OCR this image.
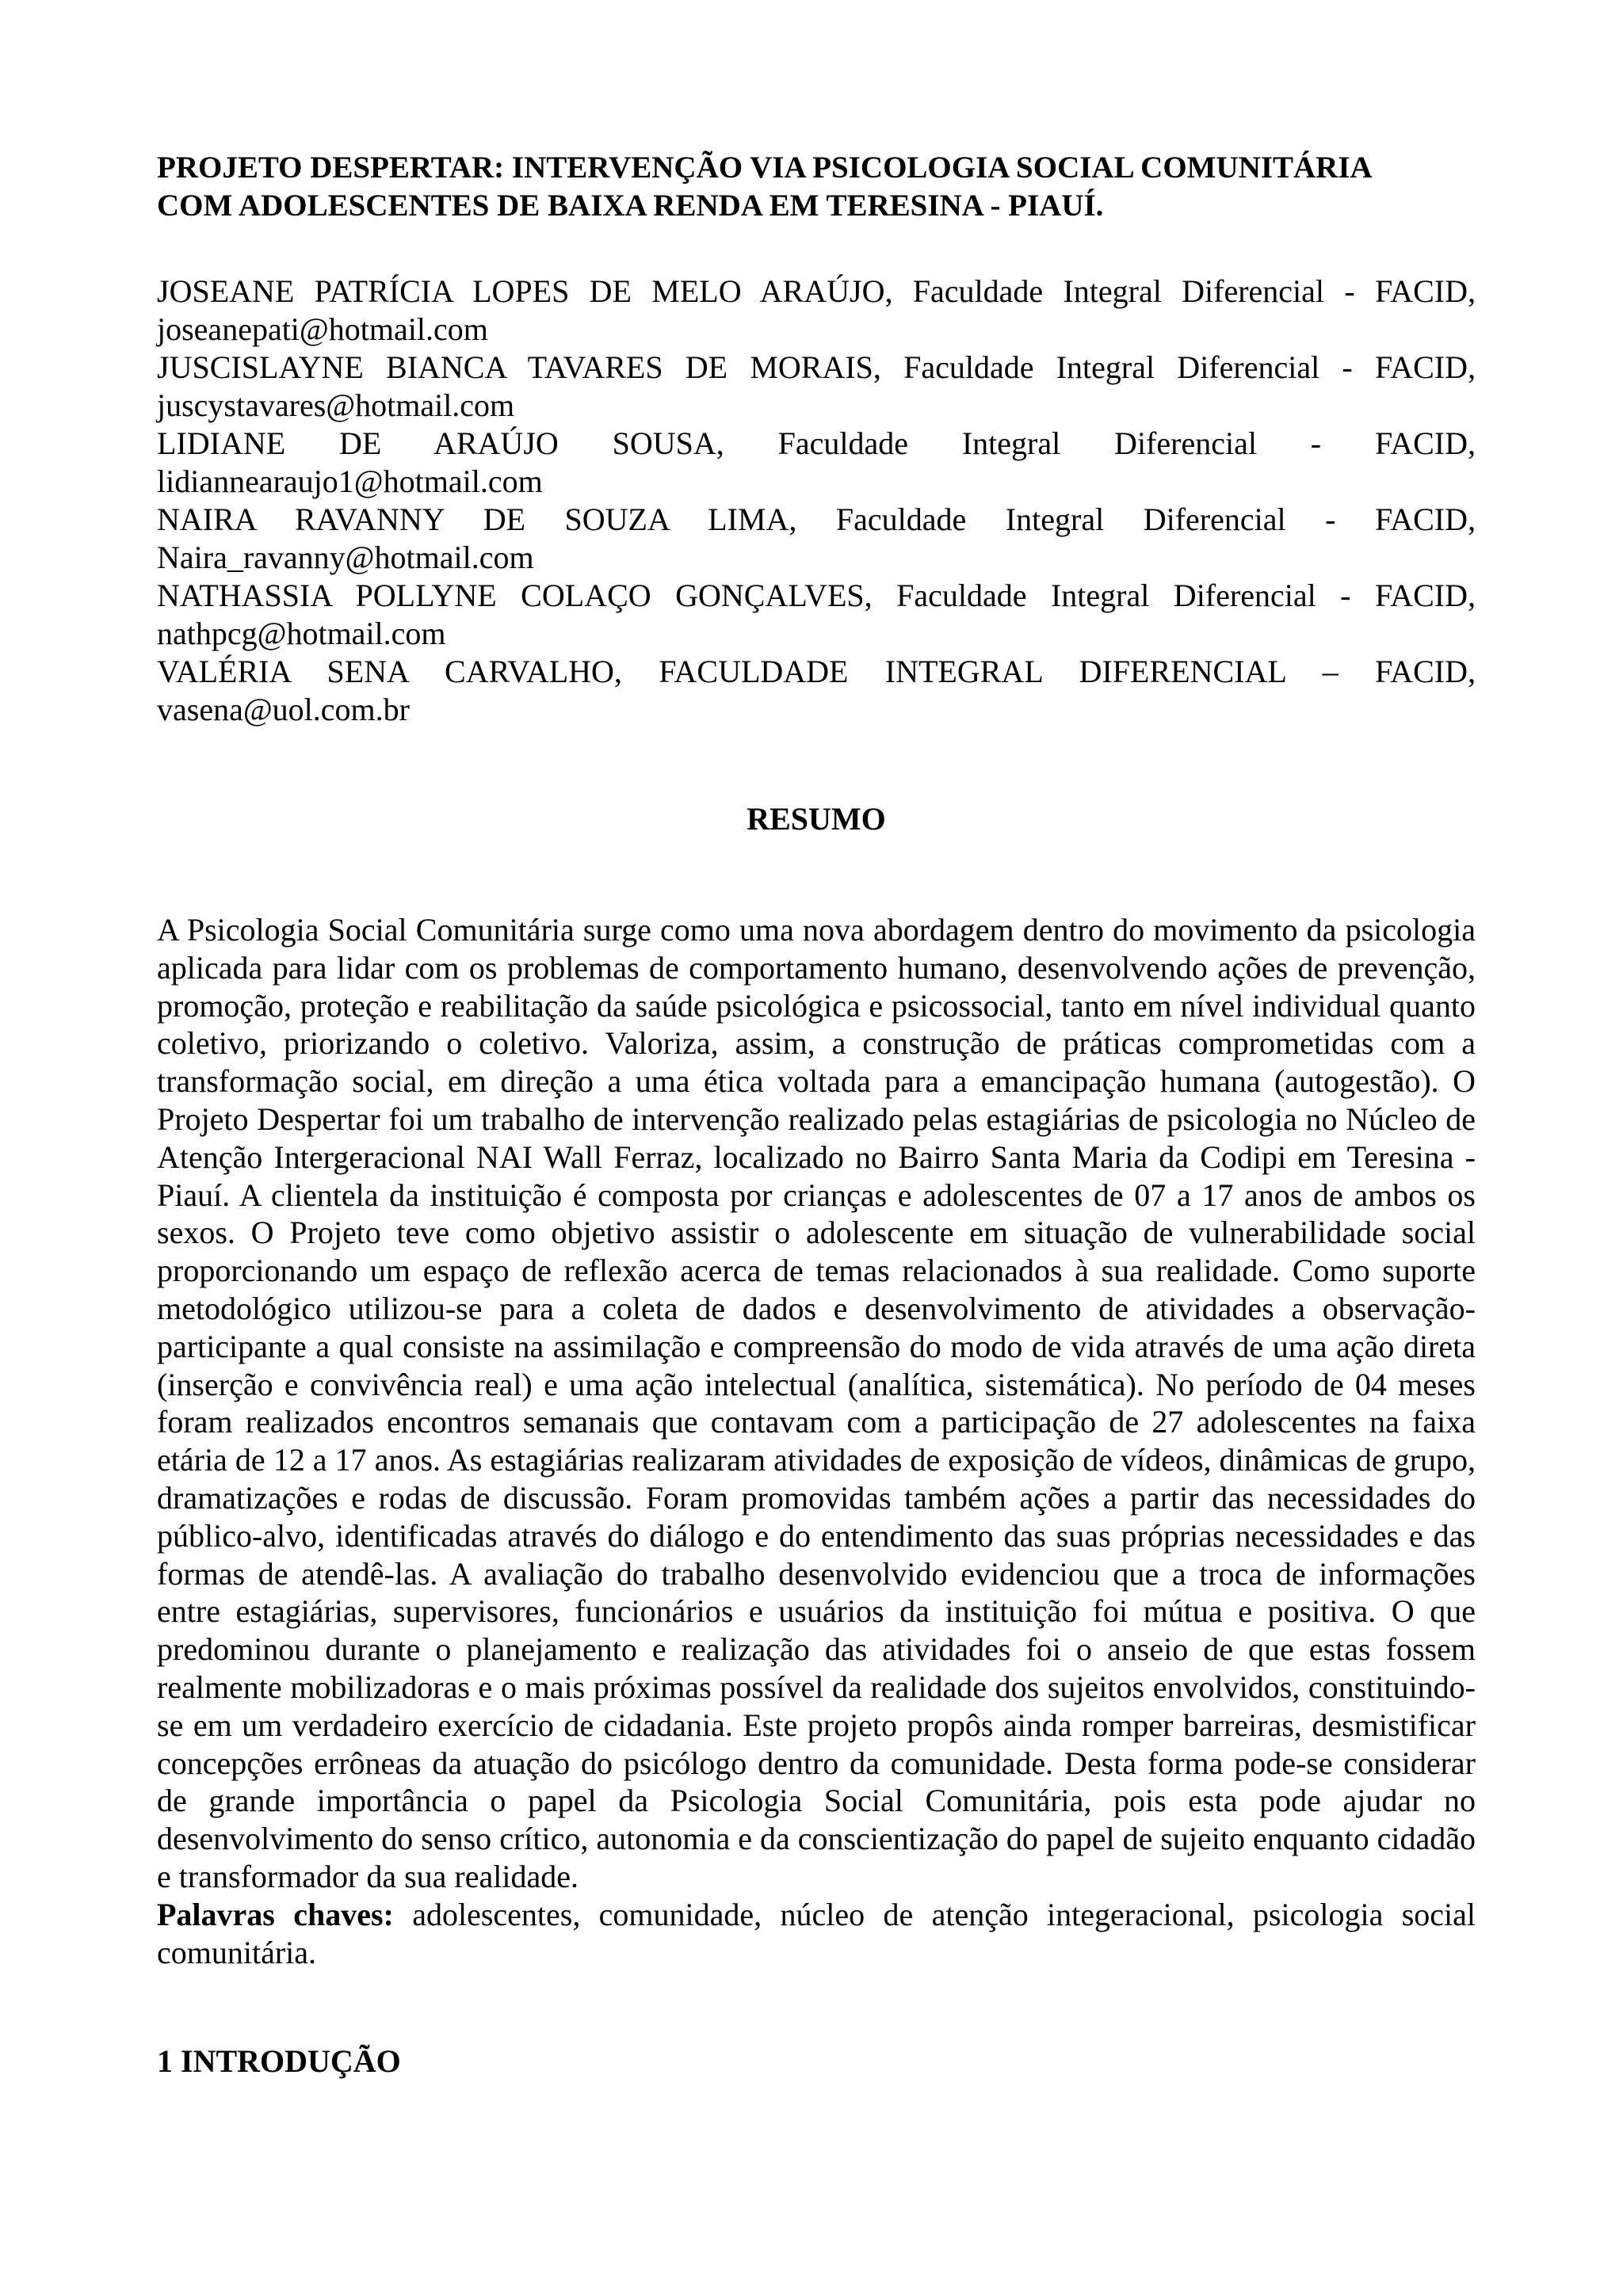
PROJETO DESPERTAR: INTERVENÇÃO VIA PSICOLOGIA SOCIAL COMUNITÁRIA
COM ADOLESCENTES DE BAIXA RENDA EM TERESINA - PIAUÍ.
JOSEANE PATRÍCIA LOPES DE MELO ARAÚJO, Faculdade Integral Diferencial - FACID, joseanepati@hotmail.com
JUSCISLAYNE BIANCA TAVARES DE MORAIS, Faculdade Integral Diferencial - FACID, juscystavares@hotmail.com
LIDIANE DE ARAÚJO SOUSA, Faculdade Integral Diferencial - FACID, lidiannearaujo1@hotmail.com
NAIRA RAVANNY DE SOUZA LIMA, Faculdade Integral Diferencial - FACID, Naira_ravanny@hotmail.com
NATHASSIA POLLYNE COLAÇO GONÇALVES, Faculdade Integral Diferencial - FACID, nathpcg@hotmail.com
VALÉRIA SENA CARVALHO, FACULDADE INTEGRAL DIFERENCIAL – FACID, vasena@uol.com.br
RESUMO

A Psicologia Social Comunitária surge como uma nova abordagem dentro do movimento da psicologia aplicada para lidar com os problemas de comportamento humano, desenvolvendo ações de prevenção, promoção, proteção e reabilitação da saúde psicológica e psicossocial, tanto em nível individual quanto coletivo, priorizando o coletivo. Valoriza, assim, a construção de práticas comprometidas com a transformação social, em direção a uma ética voltada para a emancipação humana (autogestão). O Projeto Despertar foi um trabalho de intervenção realizado pelas estagiárias de psicologia no Núcleo de Atenção Intergeracional NAI Wall Ferraz, localizado no Bairro Santa Maria da Codipi em Teresina - Piauí. A clientela da instituição é composta por crianças e adolescentes de 07 a 17 anos de ambos os sexos. O Projeto teve como objetivo assistir o adolescente em situação de vulnerabilidade social proporcionando um espaço de reflexão acerca de temas relacionados à sua realidade. Como suporte metodológico utilizou-se para a coleta de dados e desenvolvimento de atividades a observação-participante a qual consiste na assimilação e compreensão do modo de vida através de uma ação direta (inserção e convivência real) e uma ação intelectual (analítica, sistemática). No período de 04 meses foram realizados encontros semanais que contavam com a participação de 27 adolescentes na faixa etária de 12 a 17 anos. As estagiárias realizaram atividades de exposição de vídeos, dinâmicas de grupo, dramatizações e rodas de discussão. Foram promovidas também ações a partir das necessidades do público-alvo, identificadas através do diálogo e do entendimento das suas próprias necessidades e das formas de atendê-las. A avaliação do trabalho desenvolvido evidenciou que a troca de informações entre estagiárias, supervisores, funcionários e usuários da instituição foi mútua e positiva. O que predominou durante o planejamento e realização das atividades foi o anseio de que estas fossem realmente mobilizadoras e o mais próximas possível da realidade dos sujeitos envolvidos, constituindo-se em um verdadeiro exercício de cidadania. Este projeto propôs ainda romper barreiras, desmistificar concepções errôneas da atuação do psicólogo dentro da comunidade. Desta forma pode-se considerar de grande importância o papel da Psicologia Social Comunitária, pois esta pode ajudar no desenvolvimento do senso crítico, autonomia e da conscientização do papel de sujeito enquanto cidadão e transformador da sua realidade.

Palavras chaves: adolescentes, comunidade, núcleo de atenção integeracional, psicologia social comunitária.

1 INTRODUÇÃO
